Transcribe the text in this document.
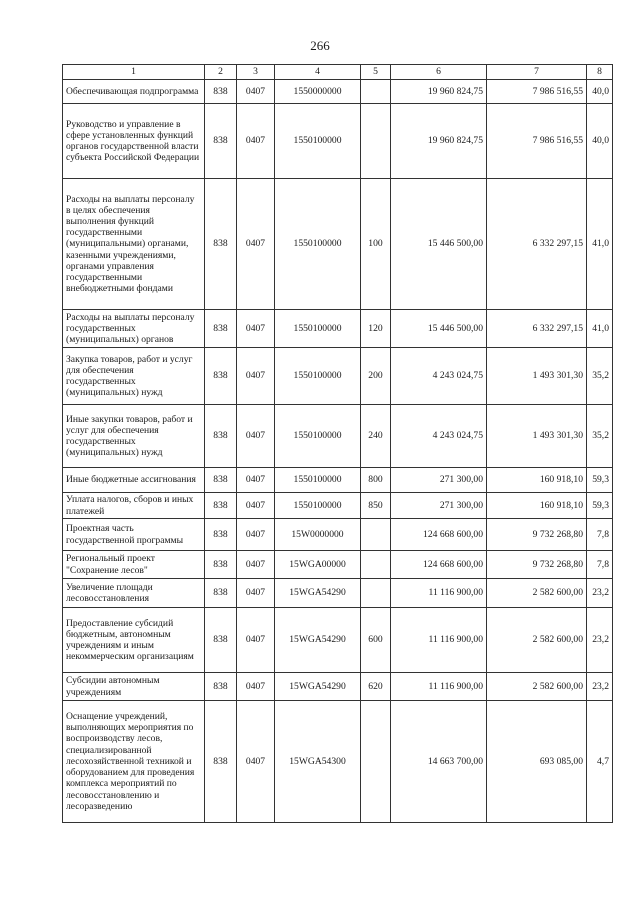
266
1	2	3	4	5	6	7	8
Обеспечивающая подпрограмма	838	0407	1550000000		19 960 824,75	7 986 516,55	40,0
Руководство и управление в сфере установленных функций органов государственной власти субъекта Российской Федерации	838	0407	1550100000		19 960 824,75	7 986 516,55	40,0
Расходы на выплаты персоналу в целях обеспечения выполнения функций государственными (муниципальными) органами, казенными учреждениями, органами управления государственными внебюджетными фондами	838	0407	1550100000	100	15 446 500,00	6 332 297,15	41,0
Расходы на выплаты персоналу государственных (муниципальных) органов	838	0407	1550100000	120	15 446 500,00	6 332 297,15	41,0
Закупка товаров, работ и услуг для обеспечения государственных (муниципальных) нужд	838	0407	1550100000	200	4 243 024,75	1 493 301,30	35,2
Иные закупки товаров, работ и услуг для обеспечения государственных (муниципальных) нужд	838	0407	1550100000	240	4 243 024,75	1 493 301,30	35,2
Иные бюджетные ассигнования	838	0407	1550100000	800	271 300,00	160 918,10	59,3
Уплата налогов, сборов и иных платежей	838	0407	1550100000	850	271 300,00	160 918,10	59,3
Проектная часть государственной программы	838	0407	15W0000000		124 668 600,00	9 732 268,80	7,8
Региональный проект "Сохранение лесов"	838	0407	15WGA00000		124 668 600,00	9 732 268,80	7,8
Увеличение площади лесовосстановления	838	0407	15WGA54290		11 116 900,00	2 582 600,00	23,2
Предоставление субсидий бюджетным, автономным учреждениям и иным некоммерческим организациям	838	0407	15WGA54290	600	11 116 900,00	2 582 600,00	23,2
Субсидии автономным учреждениям	838	0407	15WGA54290	620	11 116 900,00	2 582 600,00	23,2
Оснащение учреждений, выполняющих мероприятия по воспроизводству лесов, специализированной лесохозяйственной техникой и оборудованием для проведения комплекса мероприятий по лесовосстановлению и лесоразведению	838	0407	15WGA54300		14 663 700,00	693 085,00	4,7
